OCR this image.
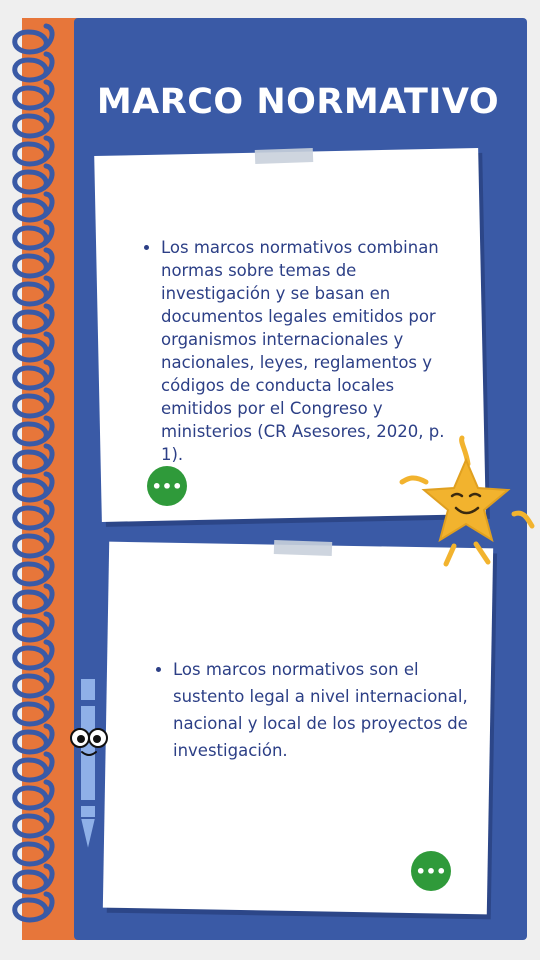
MARCO NORMATIVO
• Los marcos normativos combinan normas sobre temas de investigación y se basan en documentos legales emitidos por organismos internacionales y nacionales, leyes, reglamentos y códigos de conducta locales emitidos por el Congreso y ministerios (CR Asesores, 2020, p. 1).
•••
• Los marcos normativos son el sustento legal a nivel internacional, nacional y local de los proyectos de investigación.
•••
